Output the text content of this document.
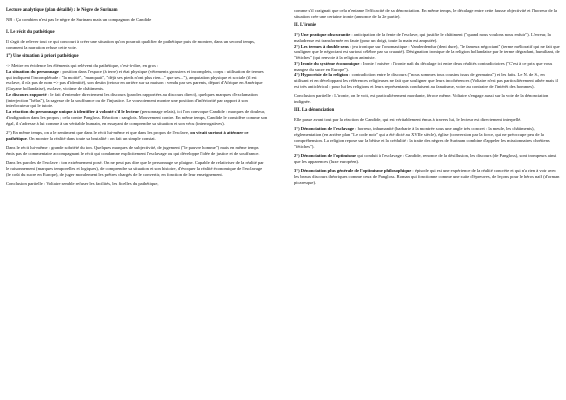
Lecture analytique (plan détaillé) : le Nègre de Surinam

NB : Ça combien n'est pas le nègre de Surinam mais un compagnon de Candide

I. Le récit du pathétique

Il s'agit de relever tout ce qui concourt à créer une situation qu'on pourrait qualifier de pathétique puis de montrer, dans un second temps, comment la narration refuse cette voie.

1°) Une situation à priori pathétique
-> Mettre en évidence les éléments qui relèvent du pathétique, c'est-à-dire, en gros :
La situation du personnage : position dans l'espace (à terre) et état physique (vêtements grossiers et incomplets, corps : utilisation de termes qui indiquent l'incomplétude : "la moitié", "manquait", "déjà ses pieds n'ont plus rien..." que ses..."), amputation physique et sociale (il est esclave, il n'a pas de nom => pas d'identité), son destin (retour en arrière sur sa maison : vendu par ses parents, départ d'Afrique en Amérique (Guyane hollandaise), esclave, victime de châtiments.
Le discours rapporté : le fait d'entendre directement les discours (paroles rapportées au discours direct), quelques marques d'exclamation (interjection "hélas"), la sagesse de la souffrance ou de l'injustice. Le vouvoiement montre une position d'infériorité par rapport à son interlocuteur qui le tutoie.
La réaction du personnage unique à identifier à volonté s'il le lecteur (personnage relais), ici l'on convoque Candide : marques de douleur, d'indignation dans les propos ; cela contre Pangloss. Réaction : sanglots. Mouvement contre. En même temps, Candide le considère comme son égal, il s'adresse à lui comme à un véritable humain, en essayant de comprendre sa situation et son vécu (interrogatives).

2°) En même temps, on a le sentiment que dans le récit lui-même et que dans les propos de l'esclave, on vivait surtout à atténuer ce pathétique. On montre la réalité dans toute sa brutalité : on fait un simple constat.

Dans le récit lui-même : grande sobriété du ton. Quelques marques de subjectivité, de jugement ("le pauvre homme") mais en même temps émis pas de commentaire accompagnant le récit qui condamne explicitement l'esclavage ou qui développe l'idée de justice et de souffrance.

Dans les paroles de l'esclave : ton extrêmement posé. On ne peut pas dire que le personnage se plaigne. Capable de relativiser de la réalité par le raisonnement (marques temporelles et logiques), de comprendre sa situation et son histoire, d'évoquer la réalité économique de l'esclavage (le coût du sucre en Europe), de juger moralement les prêtres chargés de le convertir, en fonction de leur enseignement.

Conclusion partielle : Voltaire semble refuser les facilités, les ficelles du pathétique,

comme s'il craignait que cela n'entame l'efficacité de sa dénonciation. En même temps, le décalage entre cette fausse objectivité et l'horreur de la situation crée une certaine ironie (annonce de la 2e partie).

II. L'ironie
1°) Une pratique obscurantie : anticipation de la fente de l'esclave, qui justifie le châtiment ("quand nous voulons nous enfuir"). L'erreur, la maladresse est transformée en faute (pour un doigt, toute la main est amputée).
2°) Les termes à double sens : jeu ironique sur l'onomastique : Vanderdendur (dent dure), "le fameux négociant" (terme mélioratif qui ne fait que souligner que le négociant est surtout célèbre par sa cruauté). Désignation ironique de la religion hollandaise par le terme dégradant, humiliant, de "fétiches" (qui renvoie à la religion animiste.
3°) Ironie du système économique : Ironie / misère : l'ironie naît du décalage ici entre deux réalités contradictoires ("C'est à ce prix que vous mangez du sucre en Europe").
4°) Hypocrisie de la religion : contradiction entre le discours ("nous sommes tous cousins issus de germains") et les faits. Le N. de S., en utilisant et en développant les références religieuses ne fait que souligner que leurs incohérences (Voltaire n'est pas particulièrement athée mais il est très anticlérical : pour lui les religions et leurs représentants conduisent au fanatisme, voire au contraire de l'intérêt des hommes).

Conclusion partielle : L'ironie, on le voit, est particulièrement mordante, féroce même. Voltaire s'engage aussi sur la voie de la dénonciation indignée.

III. La dénonciation

Elle passe avant tout par la réaction de Candide, qui est véritablement émus à travers lui, le lecteur est directement interpellé.

1°) Dénonciation de l'esclavage : horreur, inhumanité (barbarie à la montrée sous une angle très concret : la meule, les châtiments), réglementation (en arrière plan "Le code noir" qui a été dicté au XVIIe siècle), église (conversion par la force, qui ne préoccupe peu de la compréhension. La religion repose sur la bêtise et la crédulité : la traite des nègres de Surinam combine d'appeler les missionnaires chrétiens "fétiches").

2°) Dénonciation de l'optimisme qui conduit à l'esclavage : Candide, renonce de la désillusion, les discours (de Pangloss), sont trompeurs ainsi que les apparences (luxe européen).

3°) Dénonciation plus générale de l'optimisme philosophique : épisode qui est une expérience de la réalité concrète et qui n'a rien à voir avec les beaux discours théoriques comme ceux de Pangloss. Roman qui fonctionne comme une suite d'épreuves, de leçons pour le héros naïf (d'orman picaresque).
